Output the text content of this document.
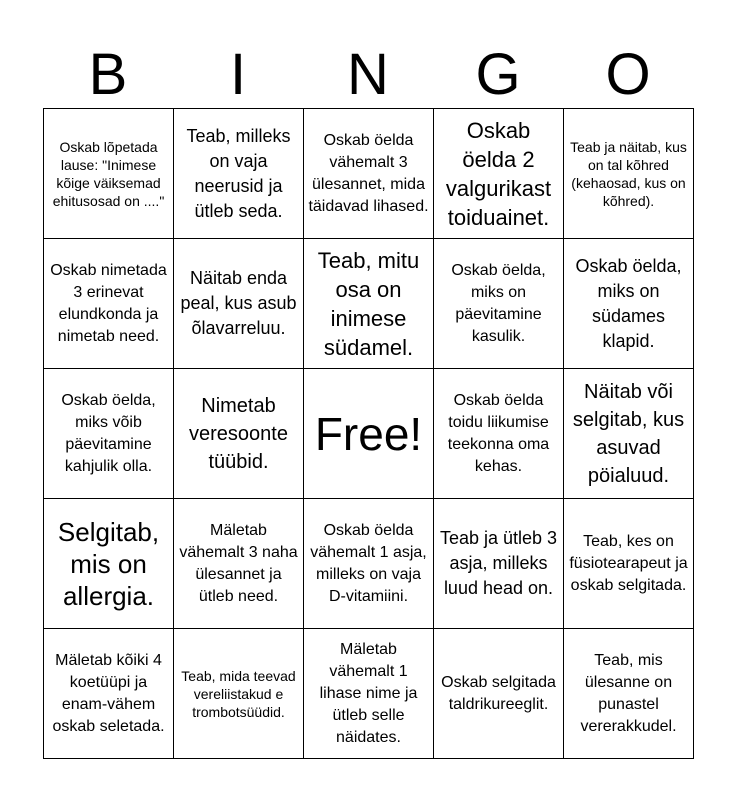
B	I	N	G	O
Oskab lõpetada lause: "Inimese kõige väiksemad ehitusosad on ...."	Teab, milleks on vaja neerusid ja ütleb seda.	Oskab öelda vähemalt 3 ülesannet, mida täidavad lihased.	Oskab öelda 2 valgurikast toiduainet.	Teab ja näitab, kus on tal kõhred (kehaosad, kus on kõhred).
Oskab nimetada 3 erinevat elundkonda ja nimetab need.	Näitab enda peal, kus asub õlavarreluu.	Teab, mitu osa on inimese südamel.	Oskab öelda, miks on päevitamine kasulik.	Oskab öelda, miks on südames klapid.
Oskab öelda, miks võib päevitamine kahjulik olla.	Nimetab veresoonte tüübid.	Free!	Oskab öelda toidu liikumise teekonna oma kehas.	Näitab või selgitab, kus asuvad pöialuud.
Selgitab, mis on allergia.	Mäletab vähemalt 3 naha ülesannet ja ütleb need.	Oskab öelda vähemalt 1 asja, milleks on vaja D-vitamiini.	Teab ja ütleb 3 asja, milleks luud head on.	Teab, kes on füsiotearapeut ja oskab selgitada.
Mäletab kõiki 4 koetüüpi ja enam-vähem oskab seletada.	Teab, mida teevad vereliistakud e trombotsüüdid.	Mäletab vähemalt 1 lihase nime ja ütleb selle näidates.	Oskab selgitada taldrikureeglit.	Teab, mis ülesanne on punastel vererakkudel.
